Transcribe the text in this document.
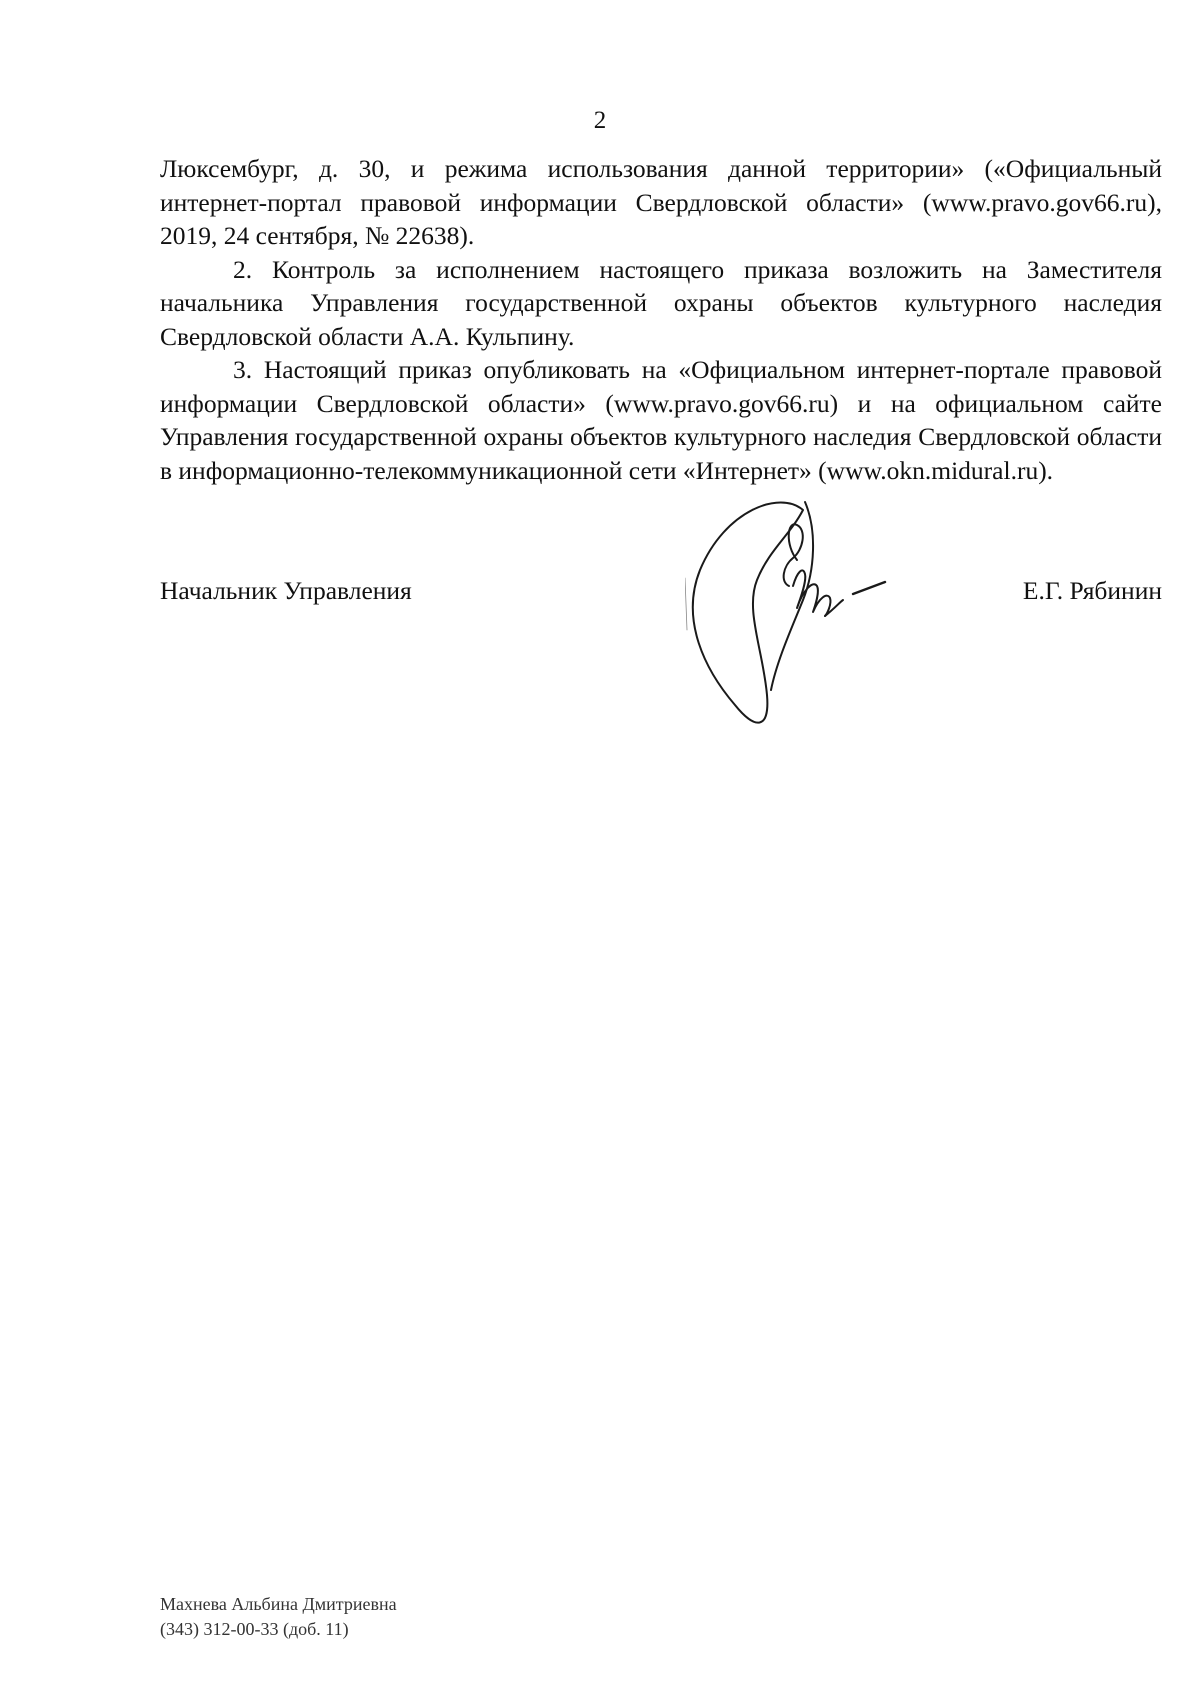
2

Люксембург, д. 30, и режима использования данной территории» («Официальный интернет-портал правовой информации Свердловской области» (www.pravo.gov66.ru), 2019, 24 сентября, № 22638).

2. Контроль за исполнением настоящего приказа возложить на Заместителя начальника Управления государственной охраны объектов культурного наследия Свердловской области А.А. Кульпину.

3. Настоящий приказ опубликовать на «Официальном интернет-портале правовой информации Свердловской области» (www.pravo.gov66.ru) и на официальном сайте Управления государственной охраны объектов культурного наследия Свердловской области в информационно-телекоммуникационной сети «Интернет» (www.okn.midural.ru).

Начальник Управления	Е.Г. Рябинин
Махнева Альбина Дмитриевна
(343) 312-00-33 (доб. 11)
